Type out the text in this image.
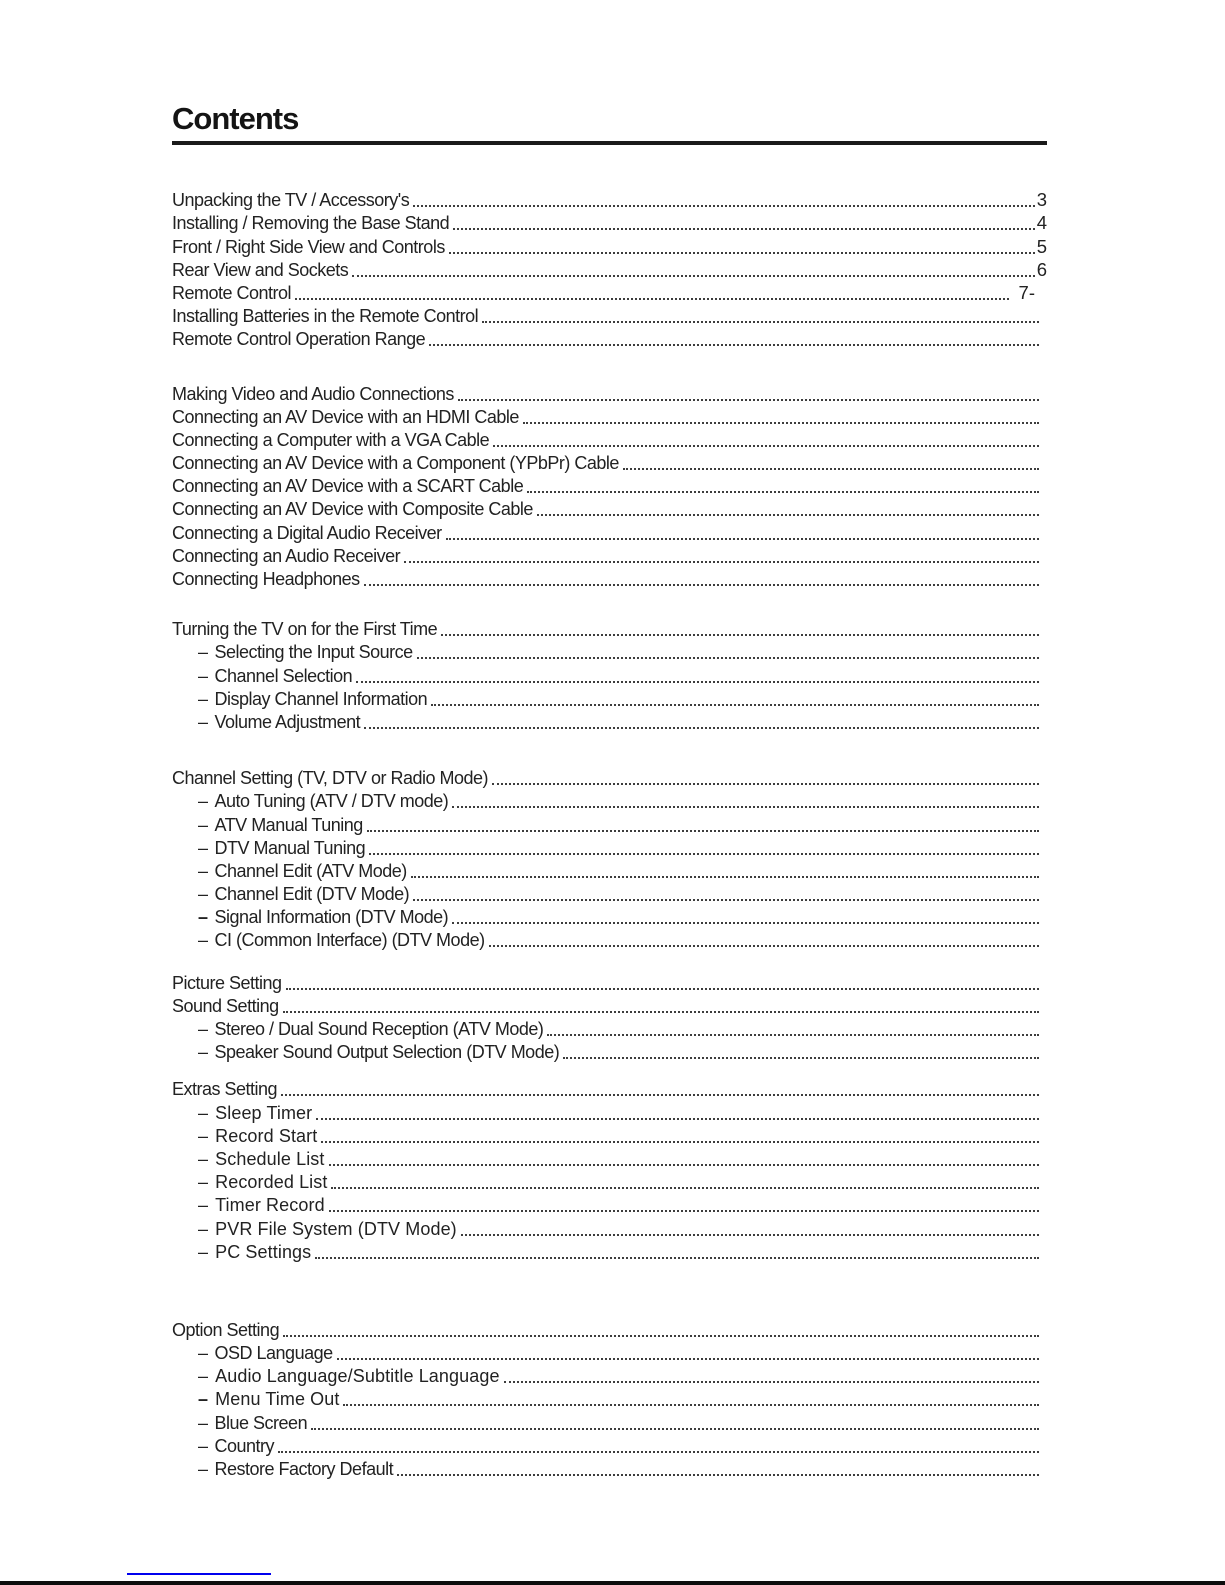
Contents
Unpacking the TV / Accessory's	3
Installing / Removing the Base Stand	4
Front / Right Side View and Controls	5
Rear View and Sockets	6
Remote Control	7-
Installing Batteries in the Remote Control
Remote Control Operation Range
Making Video and Audio Connections
Connecting an AV Device with an HDMI Cable
Connecting a Computer with a VGA Cable
Connecting an AV Device with a Component (YPbPr) Cable
Connecting an AV Device with a SCART Cable
Connecting an AV Device with Composite Cable
Connecting a Digital Audio Receiver
Connecting an Audio Receiver
Connecting Headphones
Turning the TV on for the First Time
– Selecting the Input Source
– Channel Selection
– Display Channel Information
– Volume Adjustment
Channel Setting (TV, DTV or Radio Mode)
– Auto Tuning (ATV / DTV mode)
– ATV Manual Tuning
– DTV Manual Tuning
– Channel Edit (ATV Mode)
– Channel Edit (DTV Mode)
– Signal Information (DTV Mode)
– CI (Common Interface) (DTV Mode)
Picture Setting
Sound Setting
– Stereo / Dual Sound Reception (ATV Mode)
– Speaker Sound Output Selection (DTV Mode)
Extras Setting
– Sleep Timer
– Record Start
– Schedule List
– Recorded List
– Timer Record
– PVR File System (DTV Mode)
– PC Settings
Option Setting
– OSD Language
– Audio Language/Subtitle Language
– Menu Time Out
– Blue Screen
– Country
– Restore Factory Default
